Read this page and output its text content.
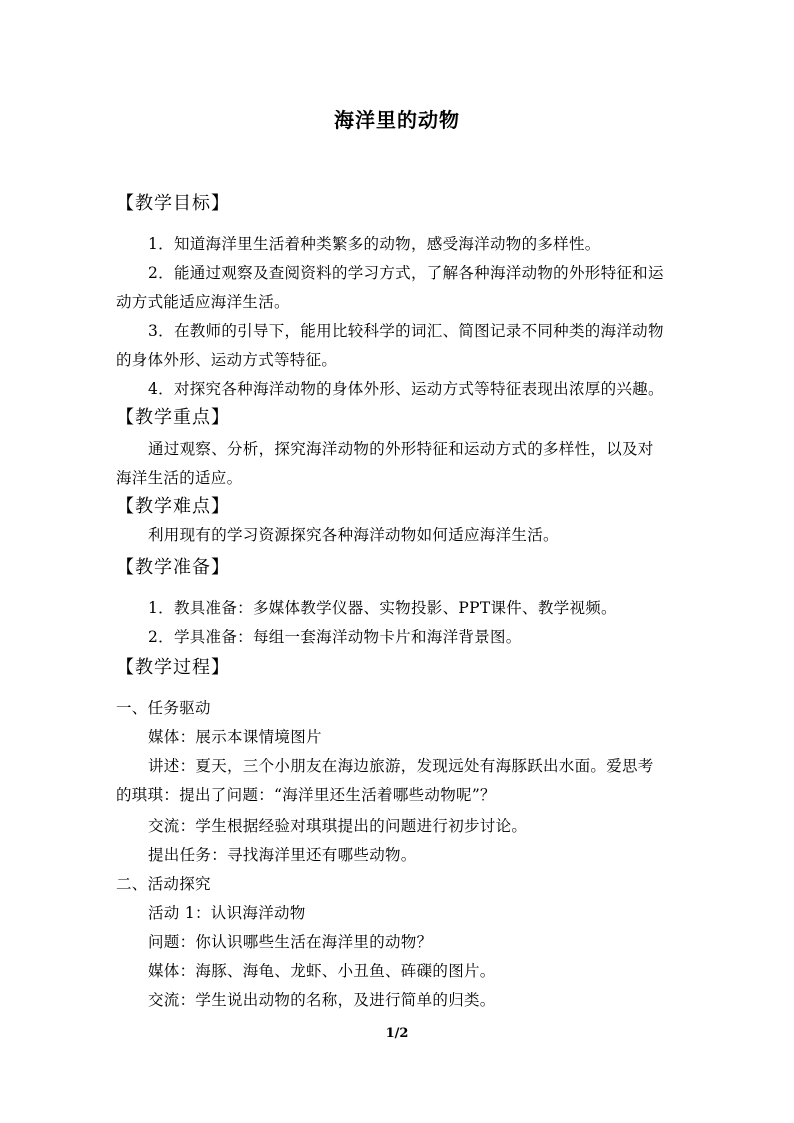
海洋里的动物
【教学目标】
1．知道海洋里生活着种类繁多的动物，感受海洋动物的多样性。
2．能通过观察及查阅资料的学习方式，了解各种海洋动物的外形特征和运
动方式能适应海洋生活。
3．在教师的引导下，能用比较科学的词汇、简图记录不同种类的海洋动物
的身体外形、运动方式等特征。
4．对探究各种海洋动物的身体外形、运动方式等特征表现出浓厚的兴趣。
【教学重点】
通过观察、分析，探究海洋动物的外形特征和运动方式的多样性，以及对
海洋生活的适应。
【教学难点】
利用现有的学习资源探究各种海洋动物如何适应海洋生活。
【教学准备】
1．教具准备：多媒体教学仪器、实物投影、PPT课件、教学视频。
2．学具准备：每组一套海洋动物卡片和海洋背景图。
【教学过程】
一、任务驱动
媒体：展示本课情境图片
讲述：夏天，三个小朋友在海边旅游，发现远处有海豚跃出水面。爱思考
的琪琪：提出了问题：“海洋里还生活着哪些动物呢”？
交流：学生根据经验对琪琪提出的问题进行初步讨论。
提出任务：寻找海洋里还有哪些动物。
二、活动探究
活动 1：认识海洋动物
问题：你认识哪些生活在海洋里的动物？
媒体：海豚、海龟、龙虾、小丑鱼、砗磲的图片。
交流：学生说出动物的名称，及进行简单的归类。
1/2
